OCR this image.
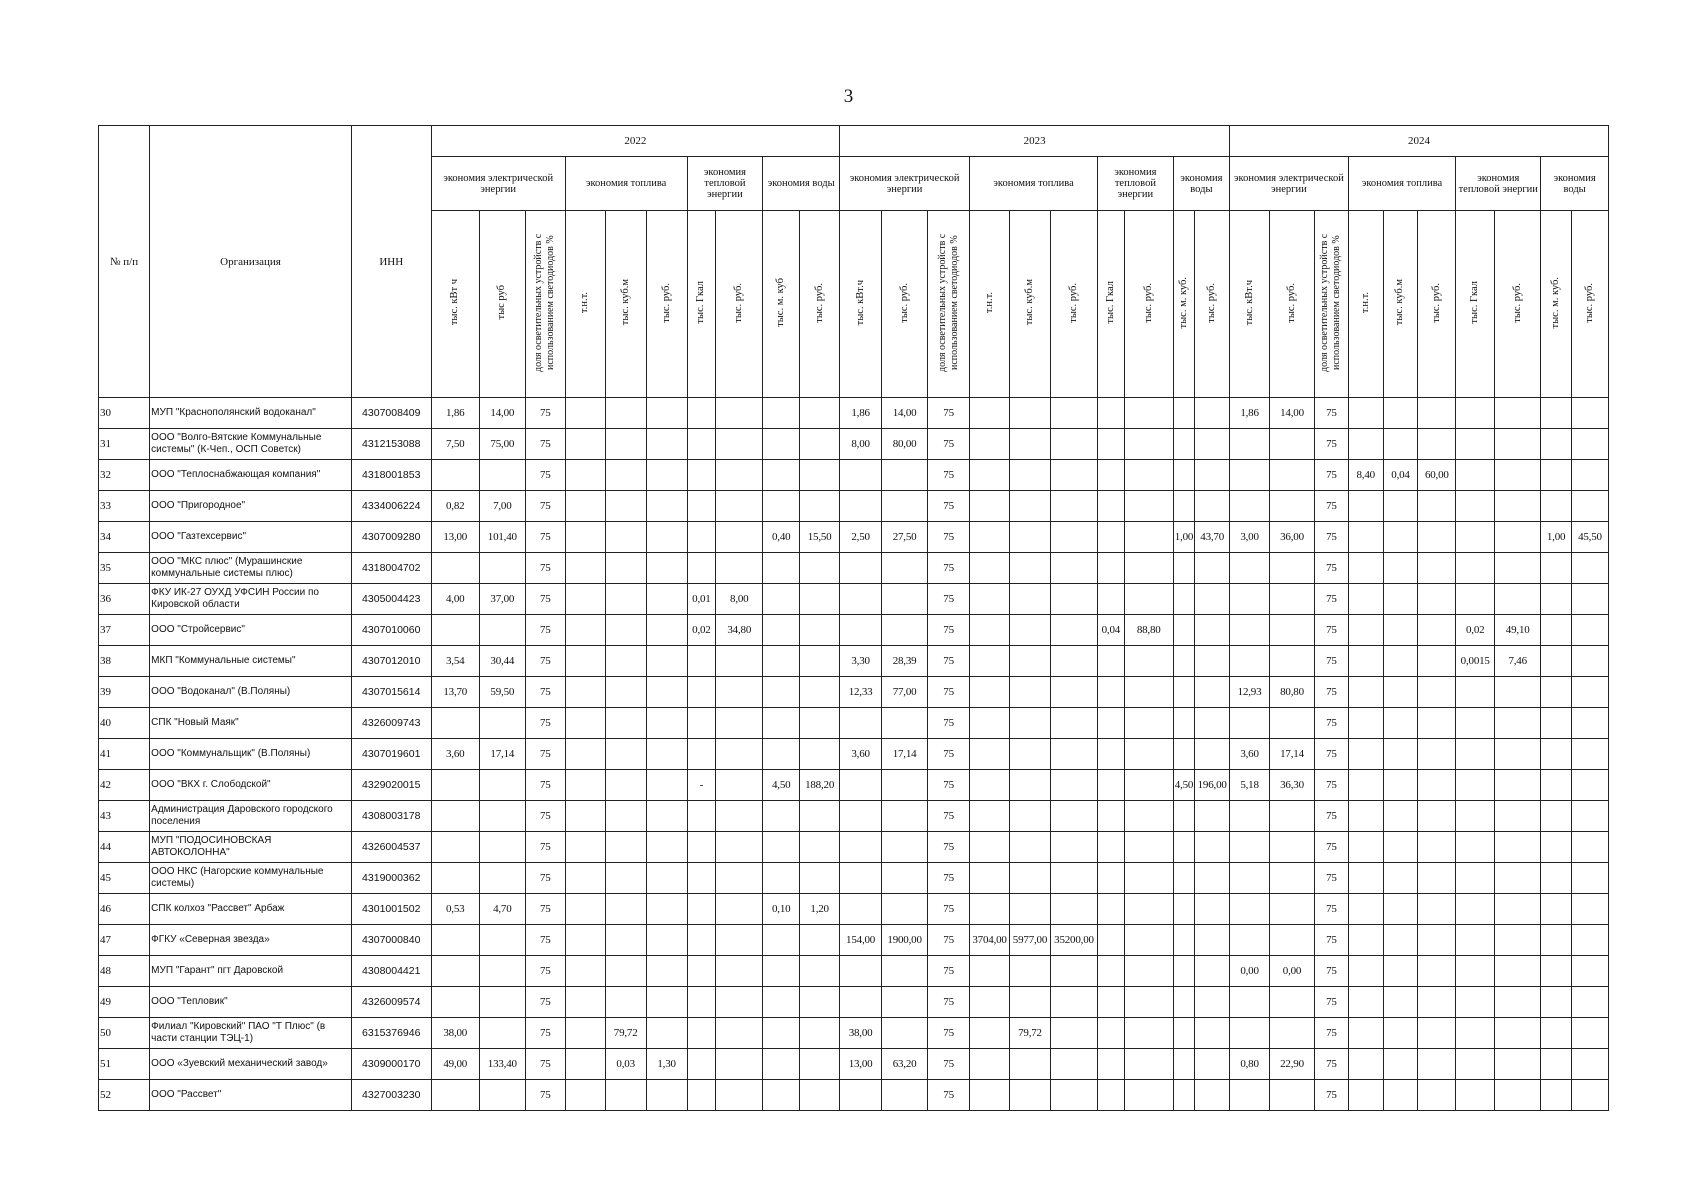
3
№ п/п	Организация	ИНН	2022										2023										2024									
			экономия электрической энергии			экономия топлива			экономия тепловой энергии		экономия воды		экономия электрической энергии			экономия топлива			экономия тепловой энергии		экономия воды		экономия электрической энергии			экономия топлива			экономия тепловой энергии		экономия воды	
			тыс. кВт ч	тыс руб	доля осветительных устройств с использованием светодиодов %	т.н.т.	тыс. куб.м	тыс. руб.	тыс. Гкал	тыс. руб.	тыс. м. куб	тыс. руб.	тыс. кВт.ч	тыс. руб.	доля осветительных устройств с использованием светодиодов %	т.н.т.	тыс. куб.м	тыс. руб.	тыс. Гкал	тыс. руб.	тыс. м. куб.	тыс. руб.	тыс. кВт.ч	тыс. руб.	доля осветительных устройств с использованием светодиодов %	т.н.т.	тыс. куб.м	тыс. руб.	тыс. Гкал	тыс. руб.	тыс. м. куб.	тыс. руб.
30	МУП "Краснополянский водоканал"	4307008409	1,86	14,00	75								1,86	14,00	75								1,86	14,00	75							
31	ООО "Волго-Вятские Коммунальные системы" (К-Чеп., ОСП Советск)	4312153088	7,50	75,00	75								8,00	80,00	75										75							
32	ООО "Теплоснабжающая компания"	4318001853			75										75										75	8,40	0,04	60,00				
33	ООО "Пригородное"	4334006224	0,82	7,00	75										75										75							
34	ООО "Газтехсервис"	4307009280	13,00	101,40	75						0,40	15,50	2,50	27,50	75						1,00	43,70	3,00	36,00	75						1,00	45,50
35	ООО "МКС плюс" (Мурашинские коммунальные системы плюс)	4318004702			75										75										75							
36	ФКУ ИК-27 ОУХД УФСИН России по Кировской области	4305004423	4,00	37,00	75				0,01	8,00					75										75							
37	ООО "Стройсервис"	4307010060			75				0,02	34,80					75				0,04	88,80					75				0,02	49,10		
38	МКП "Коммунальные системы"	4307012010	3,54	30,44	75								3,30	28,39	75										75				0,0015	7,46		
39	ООО "Водоканал" (В.Поляны)	4307015614	13,70	59,50	75								12,33	77,00	75								12,93	80,80	75							
40	СПК "Новый Маяк"	4326009743			75										75										75							
41	ООО "Коммунальщик" (В.Поляны)	4307019601	3,60	17,14	75								3,60	17,14	75								3,60	17,14	75							
42	ООО "ВКХ г. Слободской"	4329020015			75				-		4,50	188,20			75						4,50	196,00	5,18	36,30	75							
43	Администрация Даровского городского поселения	4308003178			75										75										75							
44	МУП "ПОДОСИНОВСКАЯ АВТОКОЛОННА"	4326004537			75										75										75							
45	ООО НКС (Нагорские коммунальные системы)	4319000362			75										75										75							
46	СПК колхоз "Рассвет" Арбаж	4301001502	0,53	4,70	75						0,10	1,20			75										75							
47	ФГКУ «Северная звезда»	4307000840			75								154,00	1900,00	75	3704,00	5977,00	35200,00							75							
48	МУП "Гарант" пгт Даровской	4308004421			75										75								0,00	0,00	75							
49	ООО "Тепловик"	4326009574			75										75										75							
50	Филиал "Кировский" ПАО "Т Плюс" (в части станции ТЭЦ-1)	6315376946	38,00		75		79,72						38,00		75		79,72								75							
51	ООО «Зуевский механический завод»	4309000170	49,00	133,40	75		0,03	1,30					13,00	63,20	75								0,80	22,90	75							
52	ООО "Рассвет"	4327003230			75										75										75							
